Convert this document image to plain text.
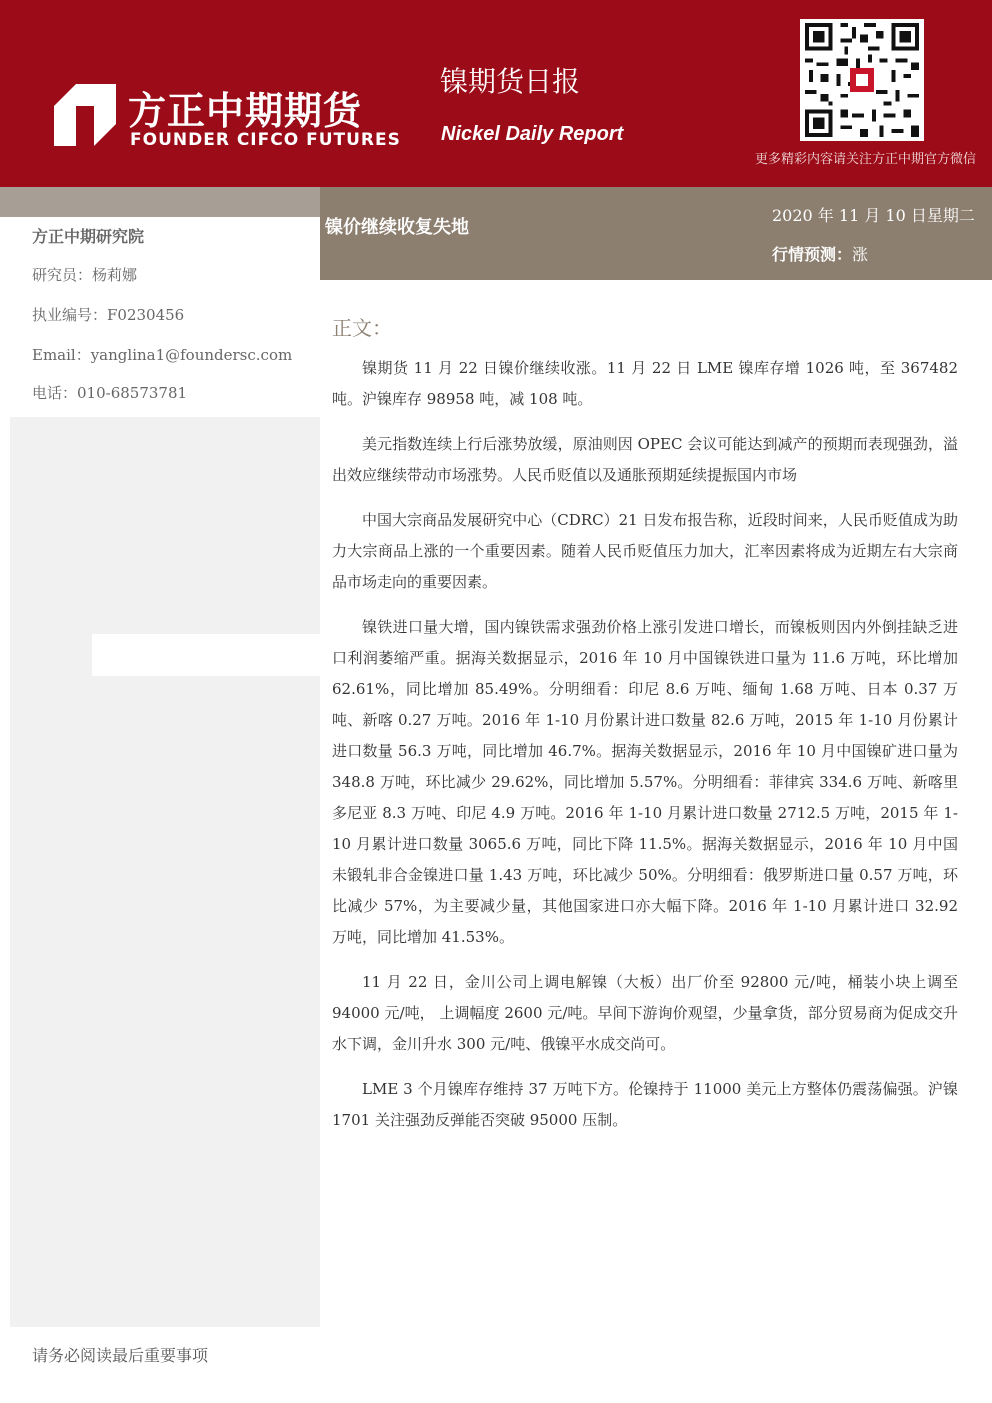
方正中期期货
FOUNDER CIFCO FUTURES
镍期货日报
Nickel Daily Report
更多精彩内容请关注方正中期官方微信
镍价继续收复失地
2020 年 11 月 10 日星期二
行情预测：涨
方正中期研究院
研究员：杨莉娜
执业编号：F0230456
Email：yanglina1@foundersc.com
电话：010-68573781
正文：

镍期货 11 月 22 日镍价继续收涨。11 月 22 日 LME 镍库存增 1026 吨，至 367482 吨。沪镍库存 98958 吨，减 108 吨。

美元指数连续上行后涨势放缓，原油则因 OPEC 会议可能达到减产的预期而表现强劲，溢出效应继续带动市场涨势。人民币贬值以及通胀预期延续提振国内市场

中国大宗商品发展研究中心（CDRC）21 日发布报告称，近段时间来，人民币贬值成为助力大宗商品上涨的一个重要因素。随着人民币贬值压力加大，汇率因素将成为近期左右大宗商品市场走向的重要因素。

镍铁进口量大增，国内镍铁需求强劲价格上涨引发进口增长，而镍板则因内外倒挂缺乏进口利润萎缩严重。据海关数据显示，2016 年 10 月中国镍铁进口量为 11.6 万吨，环比增加 62.61%，同比增加 85.49%。分明细看：印尼 8.6 万吨、缅甸 1.68 万吨、日本 0.37 万吨、新喀 0.27 万吨。2016 年 1-10 月份累计进口数量 82.6 万吨，2015 年 1-10 月份累计进口数量 56.3 万吨，同比增加 46.7%。据海关数据显示，2016 年 10 月中国镍矿进口量为 348.8 万吨，环比减少 29.62%，同比增加 5.57%。分明细看：菲律宾 334.6 万吨、新喀里多尼亚 8.3 万吨、印尼 4.9 万吨。2016 年 1-10 月累计进口数量 2712.5 万吨，2015 年 1-10 月累计进口数量 3065.6 万吨，同比下降 11.5%。据海关数据显示，2016 年 10 月中国未锻轧非合金镍进口量 1.43 万吨，环比减少 50%。分明细看：俄罗斯进口量 0.57 万吨，环比减少 57%，为主要减少量，其他国家进口亦大幅下降。2016 年 1-10 月累计进口 32.92 万吨，同比增加 41.53%。

11 月 22 日，金川公司上调电解镍（大板）出厂价至 92800 元/吨，桶装小块上调至 94000 元/吨， 上调幅度 2600 元/吨。早间下游询价观望，少量拿货，部分贸易商为促成交升水下调，金川升水 300 元/吨、俄镍平水成交尚可。

LME 3 个月镍库存维持 37 万吨下方。伦镍持于 11000 美元上方整体仍震荡偏强。沪镍 1701 关注强劲反弹能否突破 95000 压制。

请务必阅读最后重要事项
